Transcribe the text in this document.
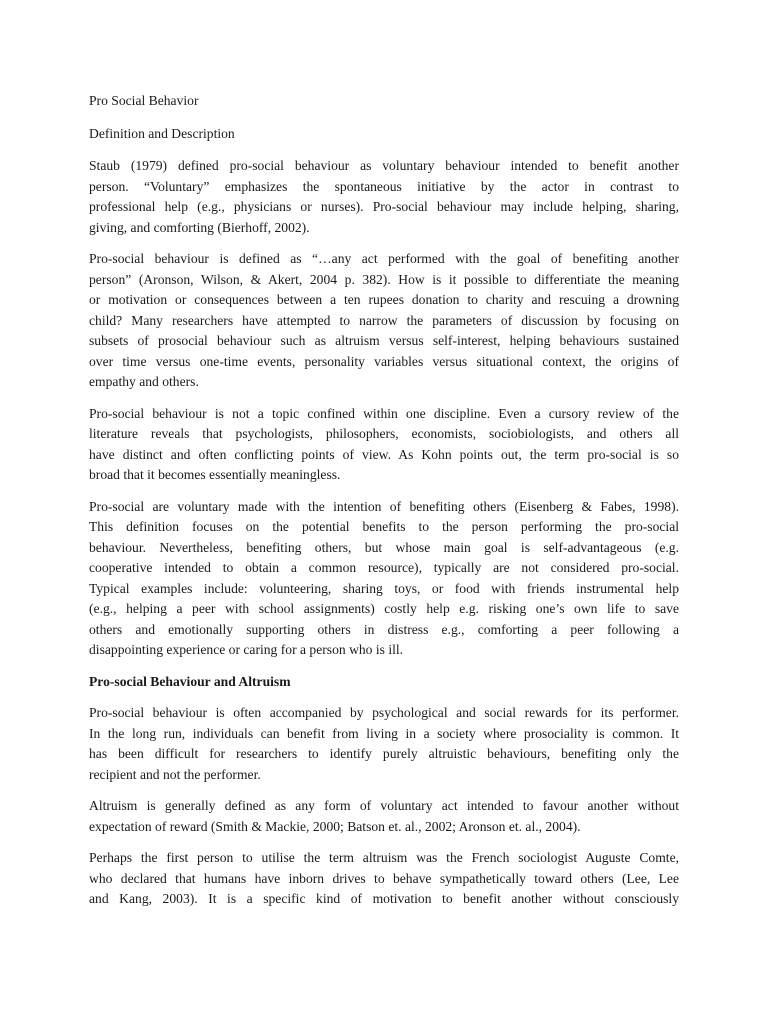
Pro Social Behavior

Definition and Description

Staub (1979) defined pro-social behaviour as voluntary behaviour intended to benefit another

person. “Voluntary” emphasizes the spontaneous initiative by the actor in contrast to

professional help (e.g., physicians or nurses). Pro-social behaviour may include helping, sharing,

giving, and comforting (Bierhoff, 2002).

Pro-social behaviour is defined as “…any act performed with the goal of benefiting another

person” (Aronson, Wilson, & Akert, 2004 p. 382). How is it possible to differentiate the meaning

or motivation or consequences between a ten rupees donation to charity and rescuing a drowning

child? Many researchers have attempted to narrow the parameters of discussion by focusing on

subsets of prosocial behaviour such as altruism versus self-interest, helping behaviours sustained

over time versus one-time events, personality variables versus situational context, the origins of

empathy and others.

Pro-social behaviour is not a topic confined within one discipline. Even a cursory review of the

literature reveals that psychologists, philosophers, economists, sociobiologists, and others all

have distinct and often conflicting points of view. As Kohn points out, the term pro-social is so

broad that it becomes essentially meaningless.

Pro-social are voluntary made with the intention of benefiting others (Eisenberg & Fabes, 1998).

This definition focuses on the potential benefits to the person performing the pro-social

behaviour. Nevertheless, benefiting others, but whose main goal is self-advantageous (e.g.

cooperative intended to obtain a common resource), typically are not considered pro-social.

Typical examples include: volunteering, sharing toys, or food with friends instrumental help

(e.g., helping a peer with school assignments) costly help e.g. risking one’s own life to save

others and emotionally supporting others in distress e.g., comforting a peer following a

disappointing experience or caring for a person who is ill.

Pro-social Behaviour and Altruism

Pro-social behaviour is often accompanied by psychological and social rewards for its performer.

In the long run, individuals can benefit from living in a society where prosociality is common. It

has been difficult for researchers to identify purely altruistic behaviours, benefiting only the

recipient and not the performer.

Altruism is generally defined as any form of voluntary act intended to favour another without

expectation of reward (Smith & Mackie, 2000; Batson et. al., 2002; Aronson et. al., 2004).

Perhaps the first person to utilise the term altruism was the French sociologist Auguste Comte,

who declared that humans have inborn drives to behave sympathetically toward others (Lee, Lee

and Kang, 2003). It is a specific kind of motivation to benefit another without consciously
